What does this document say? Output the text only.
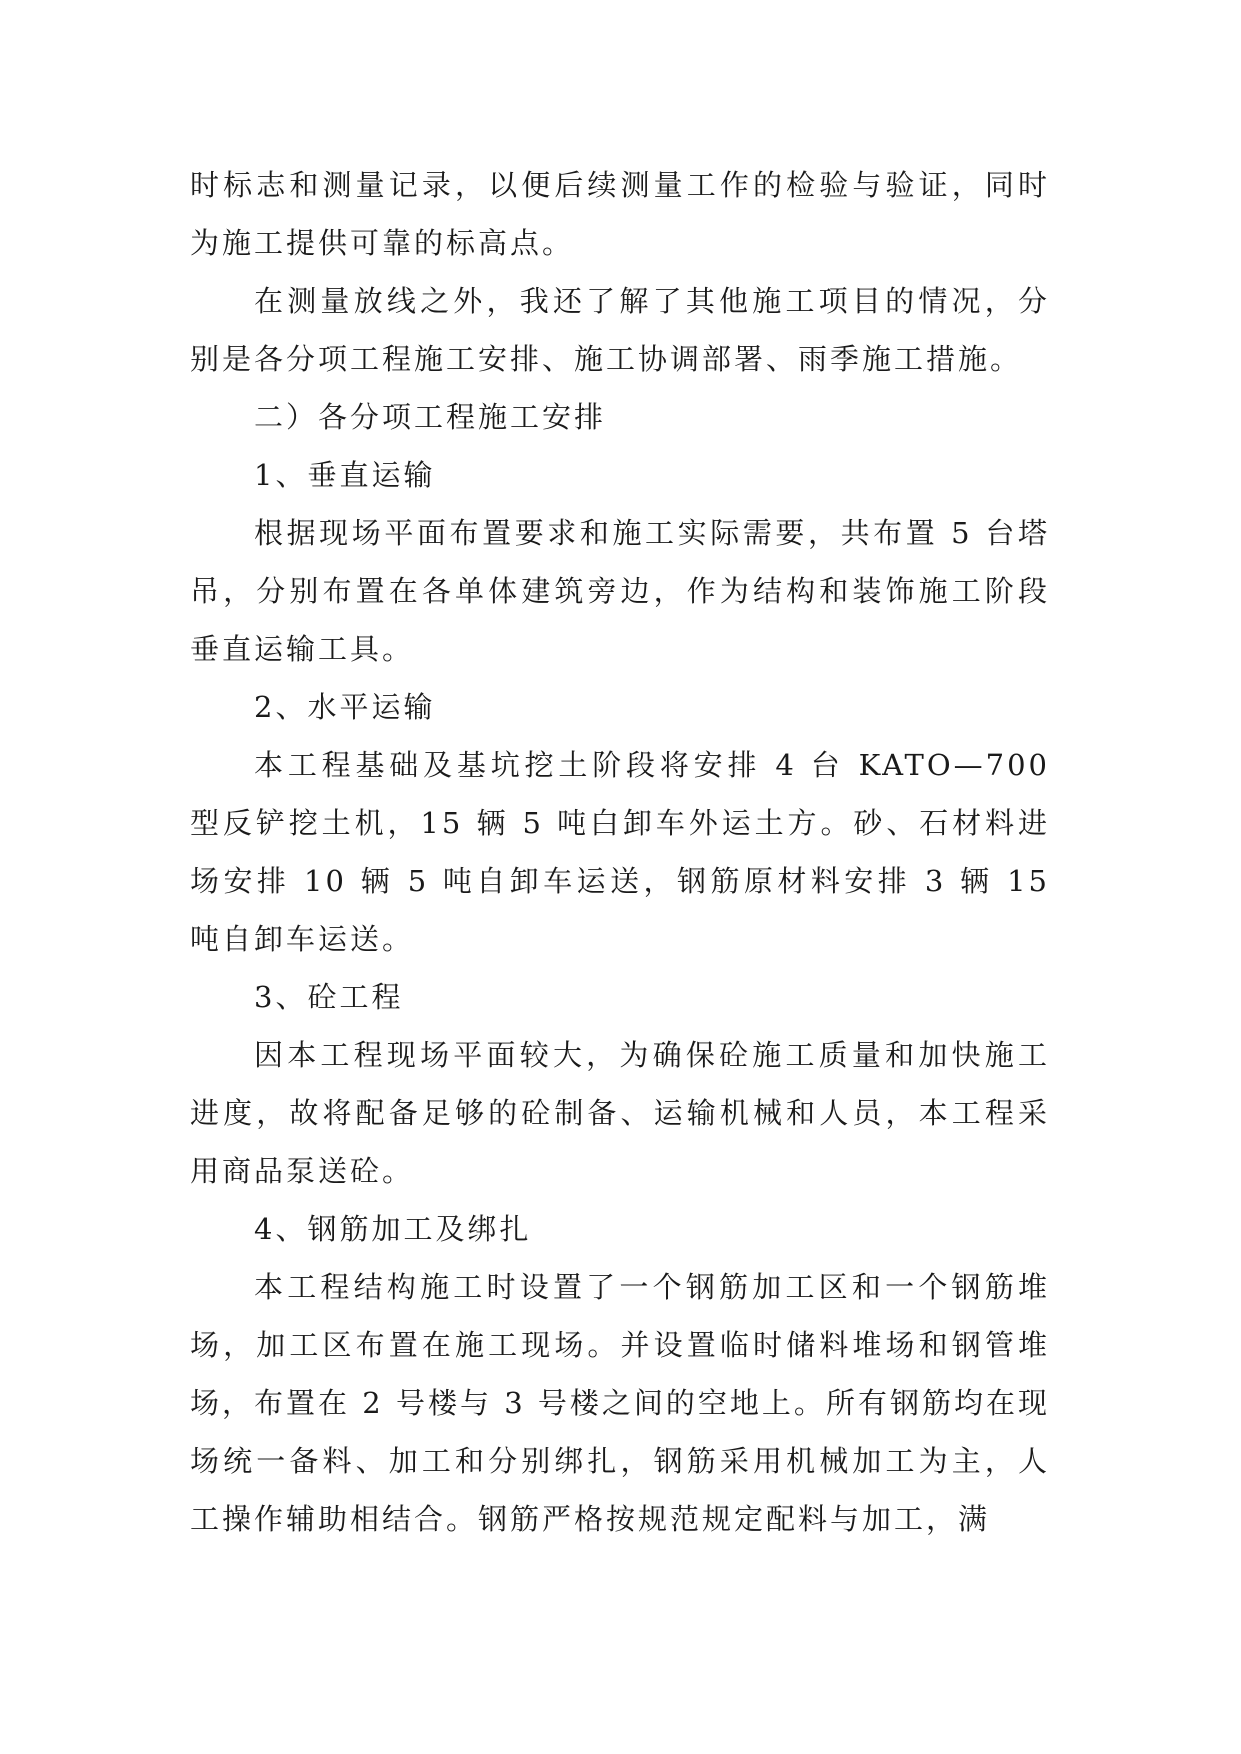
时标志和测量记录，以便后续测量工作的检验与验证，同时为施工提供可靠的标高点。

在测量放线之外，我还了解了其他施工项目的情况，分别是各分项工程施工安排、施工协调部署、雨季施工措施。

二）各分项工程施工安排

1、垂直运输

根据现场平面布置要求和施工实际需要，共布置 5 台塔吊，分别布置在各单体建筑旁边，作为结构和装饰施工阶段垂直运输工具。

2、水平运输

本工程基础及基坑挖土阶段将安排 4 台 KATO—700 型反铲挖土机，15 辆 5 吨白卸车外运土方。砂、石材料进场安排 10 辆 5 吨自卸车运送，钢筋原材料安排 3 辆 15 吨自卸车运送。

3、砼工程

因本工程现场平面较大，为确保砼施工质量和加快施工进度，故将配备足够的砼制备、运输机械和人员，本工程采用商品泵送砼。

4、钢筋加工及绑扎

本工程结构施工时设置了一个钢筋加工区和一个钢筋堆场，加工区布置在施工现场。并设置临时储料堆场和钢管堆场，布置在 2 号楼与 3 号楼之间的空地上。所有钢筋均在现场统一备料、加工和分别绑扎，钢筋采用机械加工为主，人工操作辅助相结合。钢筋严格按规范规定配料与加工，满
